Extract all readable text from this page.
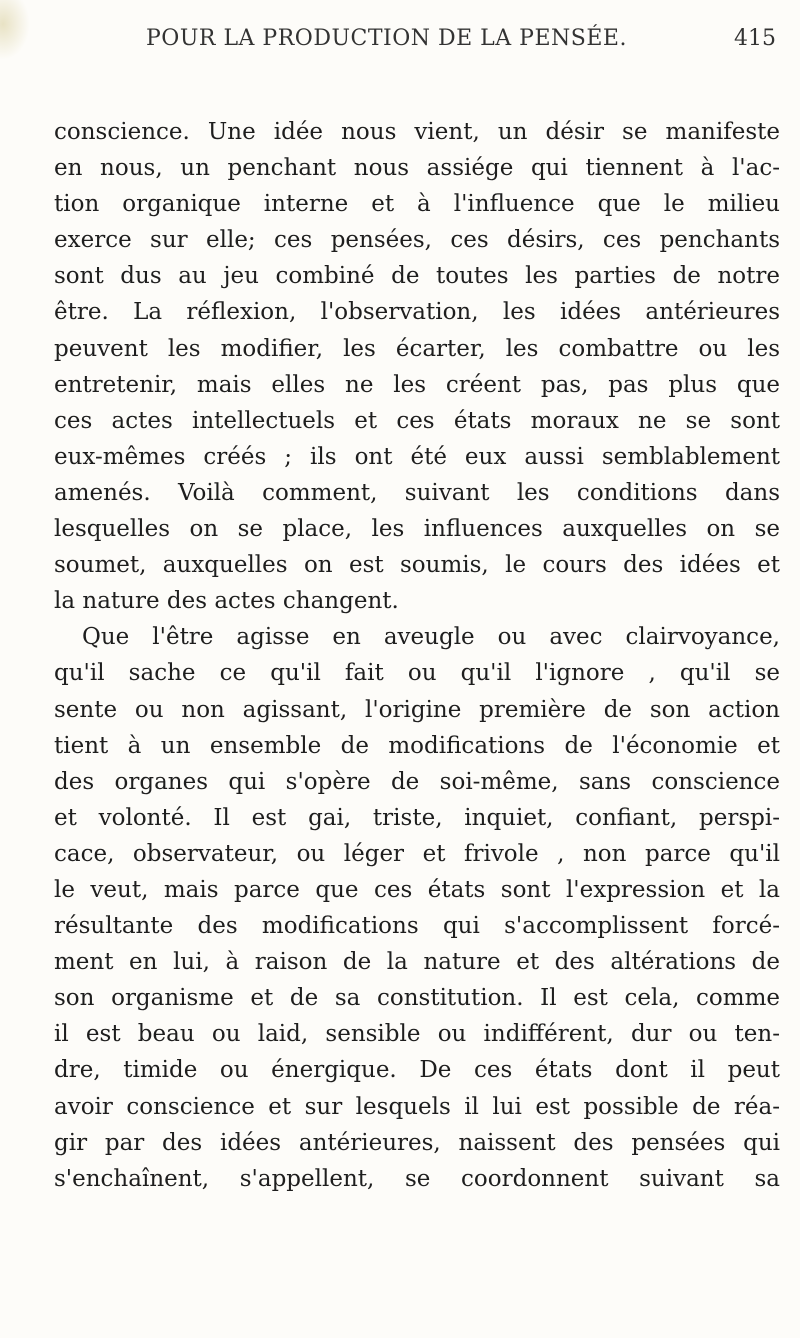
POUR LA PRODUCTION DE LA PENSÉE.	415
conscience. Une idée nous vient, un désir se manifeste
en nous, un penchant nous assiége qui tiennent à l'ac-
tion organique interne et à l'influence que le milieu
exerce sur elle; ces pensées, ces désirs, ces penchants
sont dus au jeu combiné de toutes les parties de notre
être. La réflexion, l'observation, les idées antérieures
peuvent les modifier, les écarter, les combattre ou les
entretenir, mais elles ne les créent pas, pas plus que
ces actes intellectuels et ces états moraux ne se sont
eux-mêmes créés ; ils ont été eux aussi semblablement
amenés. Voilà comment, suivant les conditions dans
lesquelles on se place, les influences auxquelles on se
soumet, auxquelles on est soumis, le cours des idées et
la nature des actes changent.
Que l'être agisse en aveugle ou avec clairvoyance,
qu'il sache ce qu'il fait ou qu'il l'ignore , qu'il se
sente ou non agissant, l'origine première de son action
tient à un ensemble de modifications de l'économie et
des organes qui s'opère de soi-même, sans conscience
et volonté. Il est gai, triste, inquiet, confiant, perspi-
cace, observateur, ou léger et frivole , non parce qu'il
le veut, mais parce que ces états sont l'expression et la
résultante des modifications qui s'accomplissent forcé-
ment en lui, à raison de la nature et des altérations de
son organisme et de sa constitution. Il est cela, comme
il est beau ou laid, sensible ou indifférent, dur ou ten-
dre, timide ou énergique. De ces états dont il peut
avoir conscience et sur lesquels il lui est possible de réa-
gir par des idées antérieures, naissent des pensées qui
s'enchaînent, s'appellent, se coordonnent suivant sa
